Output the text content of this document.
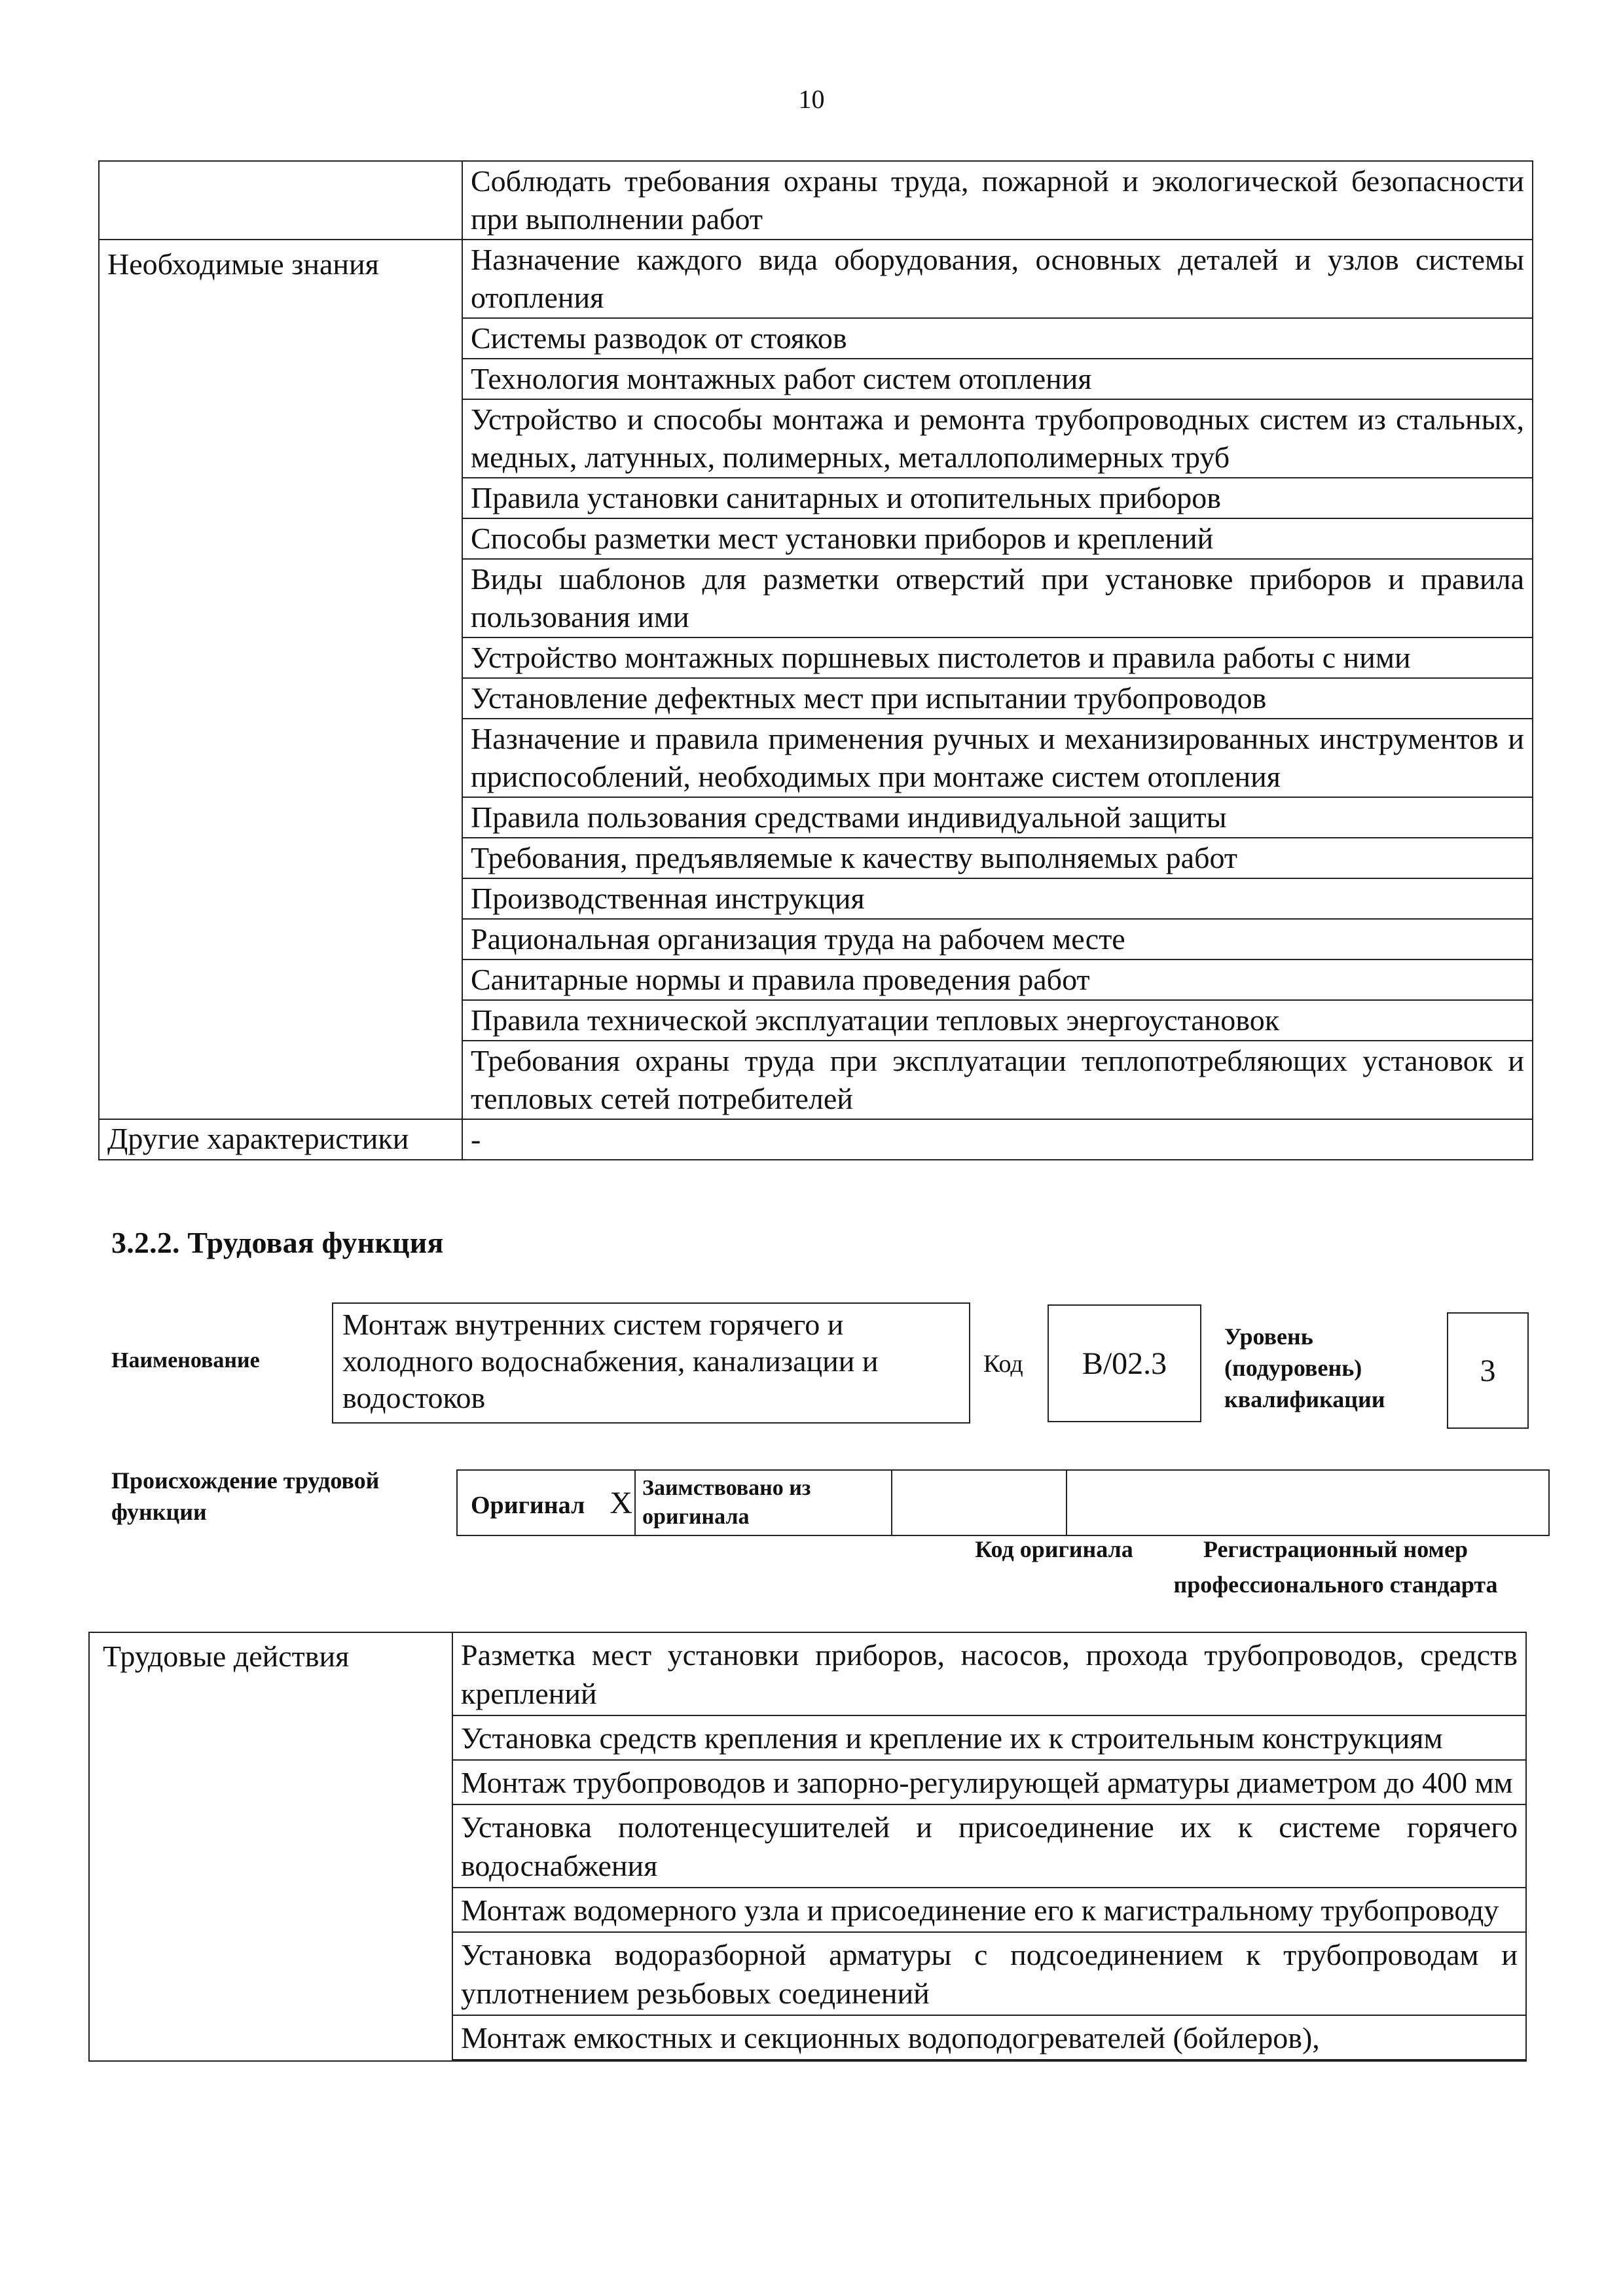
10
	Соблюдать требования охраны труда, пожарной и экологической безопасности при выполнении работ
Необходимые знания	Назначение каждого вида оборудования, основных деталей и узлов системы отопления
	Системы разводок от стояков
	Технология монтажных работ систем отопления
	Устройство и способы монтажа и ремонта трубопроводных систем из стальных, медных, латунных, полимерных, металлополимерных труб
	Правила установки санитарных и отопительных приборов
	Способы разметки мест установки приборов и креплений
	Виды шаблонов для разметки отверстий при установке приборов и правила пользования ими
	Устройство монтажных поршневых пистолетов и правила работы с ними
	Установление дефектных мест при испытании трубопроводов
	Назначение и правила применения ручных и механизированных инструментов и приспособлений, необходимых при монтаже систем отопления
	Правила пользования средствами индивидуальной защиты
	Требования, предъявляемые к качеству выполняемых работ
	Производственная инструкция
	Рациональная организация труда на рабочем месте
	Санитарные нормы и правила проведения работ
	Правила технической эксплуатации тепловых энергоустановок
	Требования охраны труда при эксплуатации теплопотребляющих установок и тепловых сетей потребителей
Другие характеристики	-
3.2.2. Трудовая функция
Наименование
Монтаж внутренних систем горячего и холодного водоснабжения, канализации и водостоков
Код	B/02.3
Уровень (подуровень) квалификации
3
Происхождение трудовой функции	Оригинал X	Заимствовано из оригинала		
Код оригинала	Регистрационный номер профессионального стандарта
Трудовые действия	Разметка мест установки приборов, насосов, прохода трубопроводов, средств креплений
Установка средств крепления и крепление их к строительным конструкциям
Монтаж трубопроводов и запорно-регулирующей арматуры диаметром до 400 мм
Установка полотенцесушителей и присоединение их к системе горячего водоснабжения
Монтаж водомерного узла и присоединение его к магистральному трубопроводу
Установка водоразборной арматуры с подсоединением к трубопроводам и уплотнением резьбовых соединений
Монтаж емкостных и секционных водоподогревателей (бойлеров),
